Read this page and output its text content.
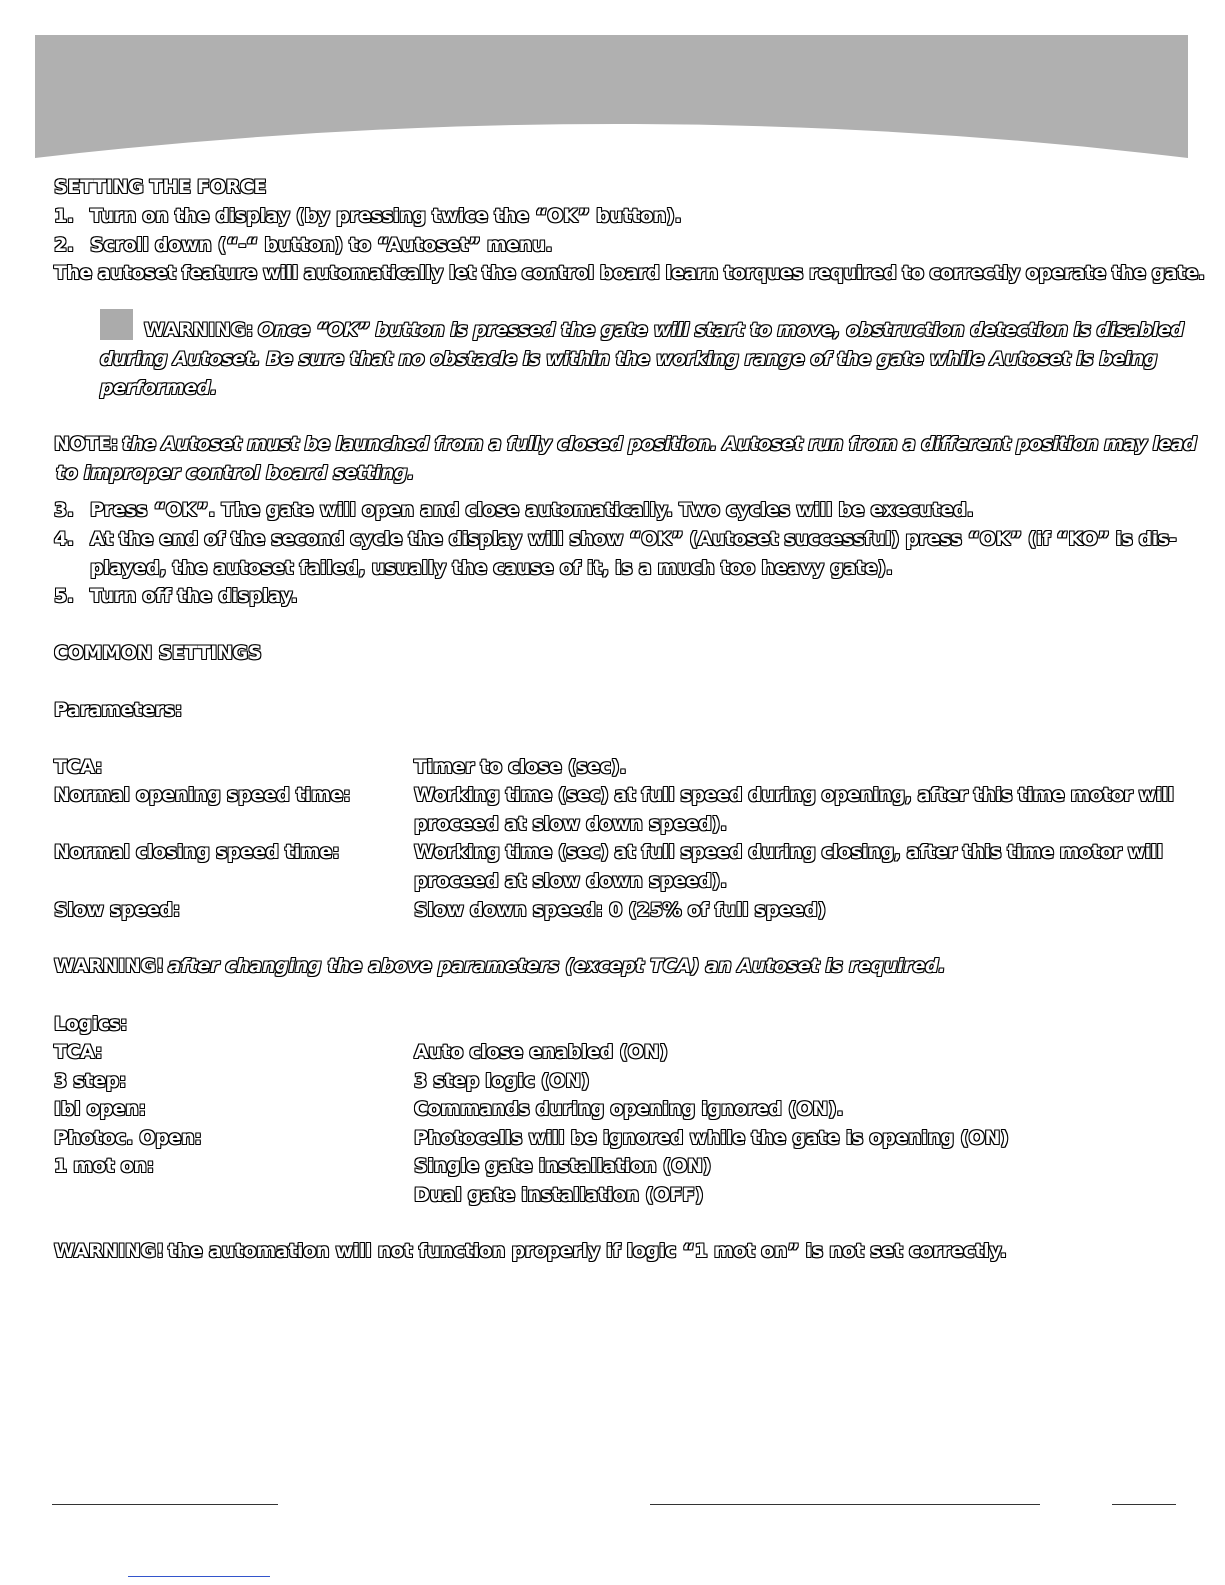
SETTING THE FORCE
1. Turn on the display (by pressing twice the “OK” button).
2. Scroll down (“-“ button) to “Autoset” menu.
The autoset feature will automatically let the control board learn torques required to correctly operate the gate.
WARNING: Once “OK” button is pressed the gate will start to move, obstruction detection is disabled
during Autoset. Be sure that no obstacle is within the working range of the gate while Autoset is being
performed.
NOTE: the Autoset must be launched from a fully closed position. Autoset run from a different position may lead
to improper control board setting.
3. Press “OK”. The gate will open and close automatically. Two cycles will be executed.
4. At the end of the second cycle the display will show “OK” (Autoset successful) press “OK” (if “KO” is dis-
played, the autoset failed, usually the cause of it, is a much too heavy gate).
5. Turn off the display.
COMMON SETTINGS
Parameters:
TCA:	Timer to close (sec).
Normal opening speed time:	Working time (sec) at full speed during opening, after this time motor will
proceed at slow down speed).
Normal closing speed time:	Working time (sec) at full speed during closing, after this time motor will
proceed at slow down speed).
Slow speed:	Slow down speed: 0 (25% of full speed)
WARNING! after changing the above parameters (except TCA) an Autoset is required.
Logics:
TCA:	Auto close enabled (ON)
3 step:	3 step logic (ON)
Ibl open:	Commands during opening ignored (ON).
Photoc. Open:	Photocells will be ignored while the gate is opening (ON)
1 mot on:	Single gate installation (ON)
Dual gate installation (OFF)
WARNING! the automation will not function properly if logic “1 mot on” is not set correctly.
